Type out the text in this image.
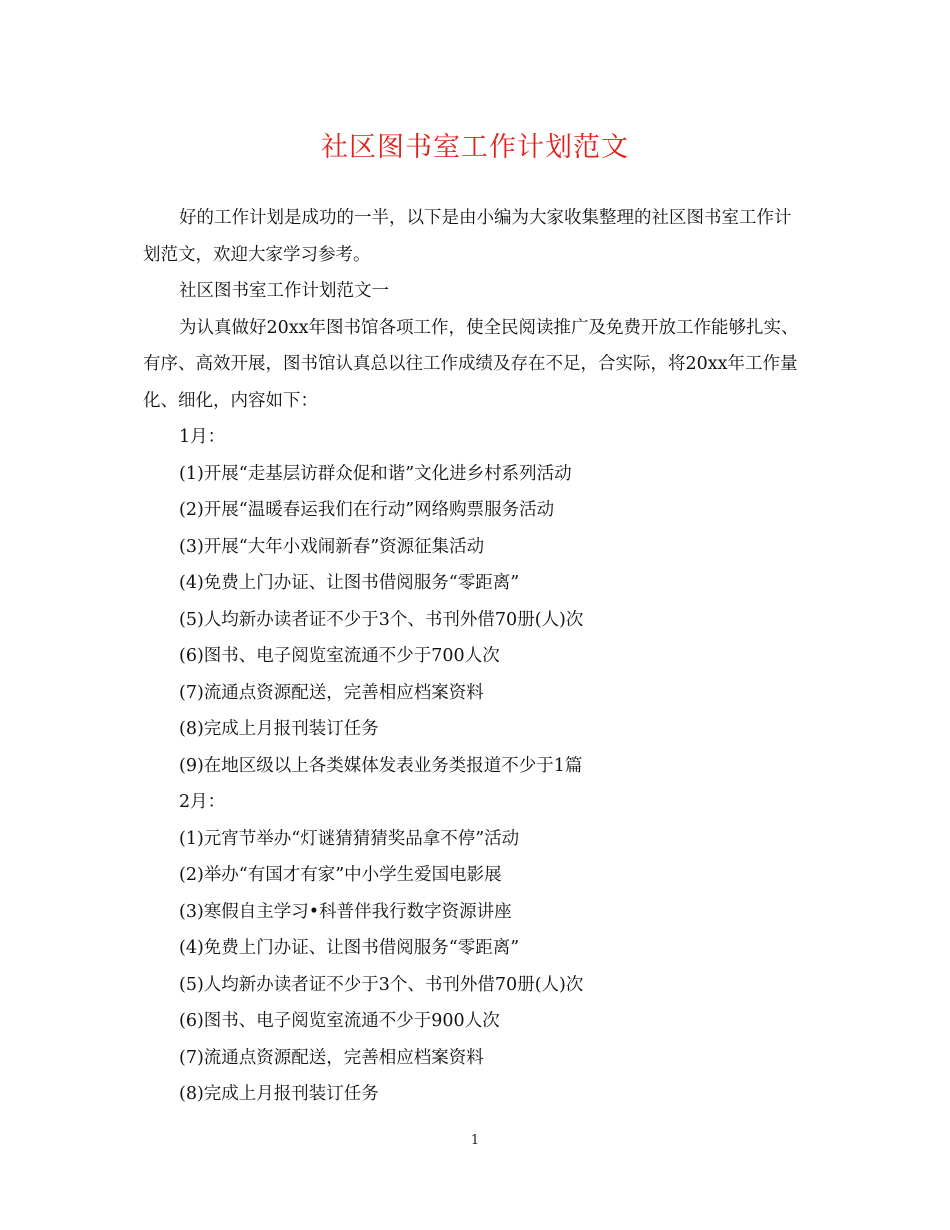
社区图书室工作计划范文

好的工作计划是成功的一半，以下是由小编为大家收集整理的社区图书室工作计划范文，欢迎大家学习参考。

社区图书室工作计划范文一

为认真做好20xx年图书馆各项工作，使全民阅读推广及免费开放工作能够扎实、有序、高效开展，图书馆认真总以往工作成绩及存在不足，合实际，将20xx年工作量化、细化，内容如下：

1月：

(1)开展“走基层访群众促和谐”文化进乡村系列活动

(2)开展“温暖春运我们在行动”网络购票服务活动

(3)开展“大年小戏闹新春”资源征集活动

(4)免费上门办证、让图书借阅服务“零距离”

(5)人均新办读者证不少于3个、书刊外借70册(人)次

(6)图书、电子阅览室流通不少于700人次

(7)流通点资源配送，完善相应档案资料

(8)完成上月报刊装订任务

(9)在地区级以上各类媒体发表业务类报道不少于1篇

2月：

(1)元宵节举办“灯谜猜猜猜奖品拿不停”活动

(2)举办“有国才有家”中小学生爱国电影展

(3)寒假自主学习•科普伴我行数字资源讲座

(4)免费上门办证、让图书借阅服务“零距离”

(5)人均新办读者证不少于3个、书刊外借70册(人)次

(6)图书、电子阅览室流通不少于900人次

(7)流通点资源配送，完善相应档案资料

(8)完成上月报刊装订任务

1
